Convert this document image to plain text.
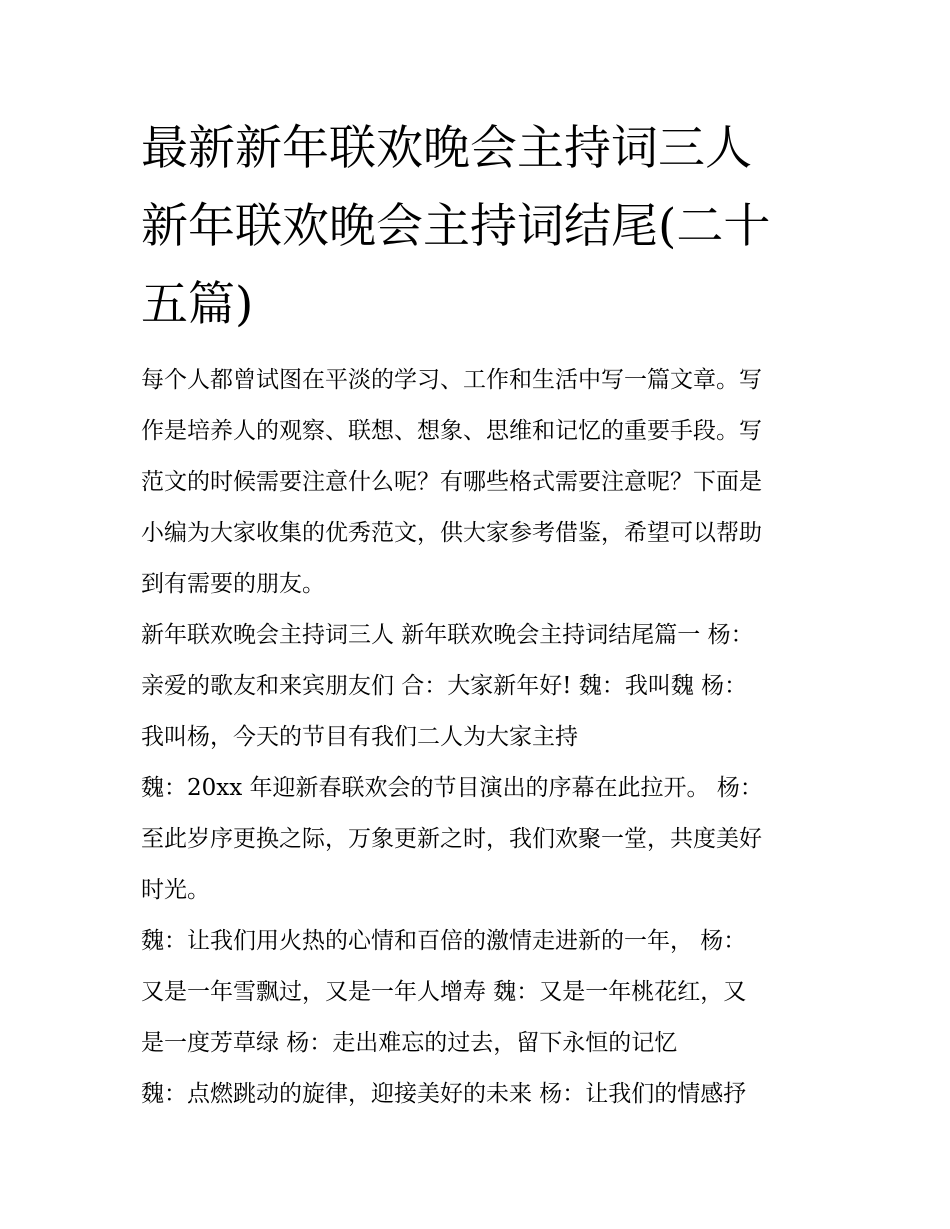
最新新年联欢晚会主持词三人
新年联欢晚会主持词结尾(二十
五篇)
每个人都曾试图在平淡的学习、工作和生活中写一篇文章。写
作是培养人的观察、联想、想象、思维和记忆的重要手段。写
范文的时候需要注意什么呢？有哪些格式需要注意呢？下面是
小编为大家收集的优秀范文，供大家参考借鉴，希望可以帮助
到有需要的朋友。
新年联欢晚会主持词三人 新年联欢晚会主持词结尾篇一 杨：
亲爱的歌友和来宾朋友们 合：大家新年好! 魏：我叫魏 杨：
我叫杨，今天的节目有我们二人为大家主持
魏：20xx 年迎新春联欢会的节目演出的序幕在此拉开。 杨：
至此岁序更换之际，万象更新之时，我们欢聚一堂，共度美好
时光。
魏：让我们用火热的心情和百倍的激情走进新的一年， 杨：
又是一年雪飘过，又是一年人增寿 魏：又是一年桃花红，又
是一度芳草绿 杨：走出难忘的过去，留下永恒的记忆
魏：点燃跳动的旋律，迎接美好的未来 杨：让我们的情感抒
